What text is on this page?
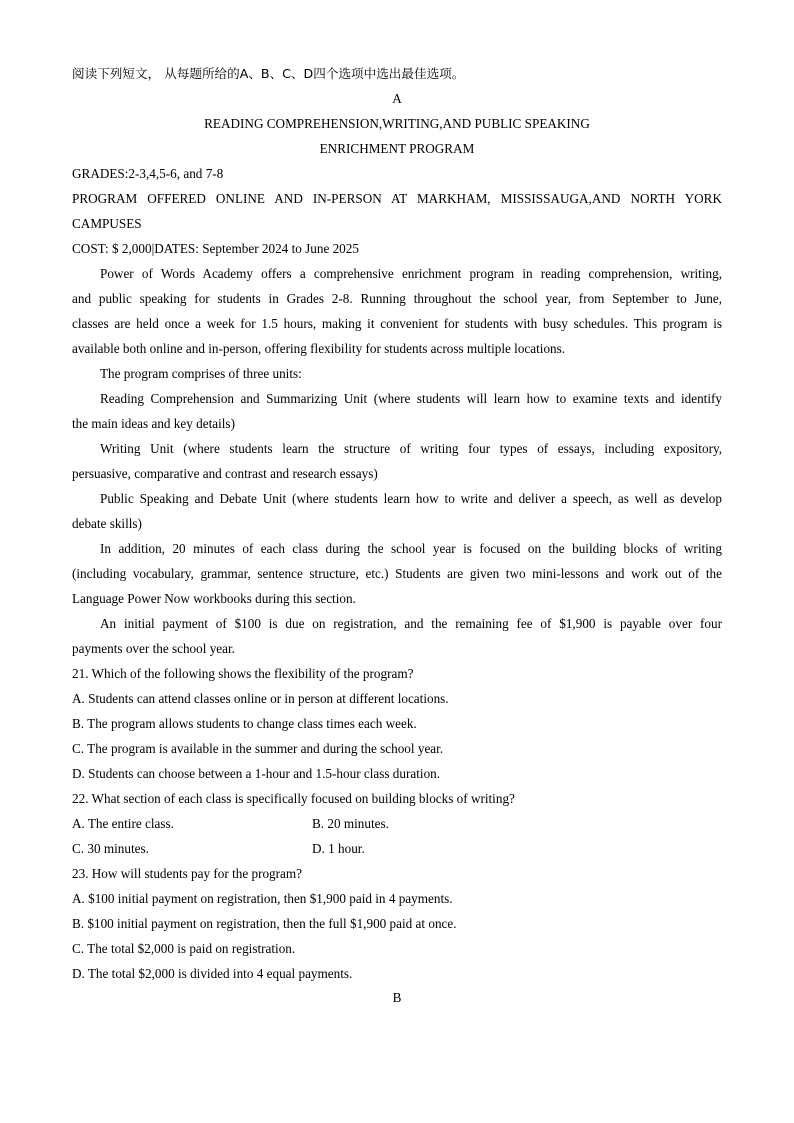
阅读下列短文， 从每题所给的A、B、C、D四个选项中选出最佳选项。
A
READING COMPREHENSION,WRITING,AND PUBLIC SPEAKING
ENRICHMENT PROGRAM
GRADES:2-3,4,5-6, and 7-8
PROGRAM OFFERED ONLINE AND IN-PERSON AT MARKHAM, MISSISSAUGA,AND NORTH YORK
CAMPUSES
COST: $ 2,000|DATES: September 2024 to June 2025
Power of Words Academy offers a comprehensive enrichment program in reading comprehension, writing,
and public speaking for students in Grades 2-8. Running throughout the school year, from September to June,
classes are held once a week for 1.5 hours, making it convenient for students with busy schedules. This program is
available both online and in-person, offering flexibility for students across multiple locations.
The program comprises of three units:
Reading Comprehension and Summarizing Unit (where students will learn how to examine texts and identify
the main ideas and key details)
Writing Unit (where students learn the structure of writing four types of essays, including expository,
persuasive, comparative and contrast and research essays)
Public Speaking and Debate Unit (where students learn how to write and deliver a speech, as well as develop
debate skills)
In addition, 20 minutes of each class during the school year is focused on the building blocks of writing
(including vocabulary, grammar, sentence structure, etc.) Students are given two mini-lessons and work out of the
Language Power Now workbooks during this section.
An initial payment of $100 is due on registration, and the remaining fee of $1,900 is payable over four
payments over the school year.
21. Which of the following shows the flexibility of the program?
A. Students can attend classes online or in person at different locations.
B. The program allows students to change class times each week.
C. The program is available in the summer and during the school year.
D. Students can choose between a 1-hour and 1.5-hour class duration.
22. What section of each class is specifically focused on building blocks of writing?
A. The entire class.	B. 20 minutes.
C. 30 minutes.	D. 1 hour.
23. How will students pay for the program?
A. $100 initial payment on registration, then $1,900 paid in 4 payments.
B. $100 initial payment on registration, then the full $1,900 paid at once.
C. The total $2,000 is paid on registration.
D. The total $2,000 is divided into 4 equal payments.
B
